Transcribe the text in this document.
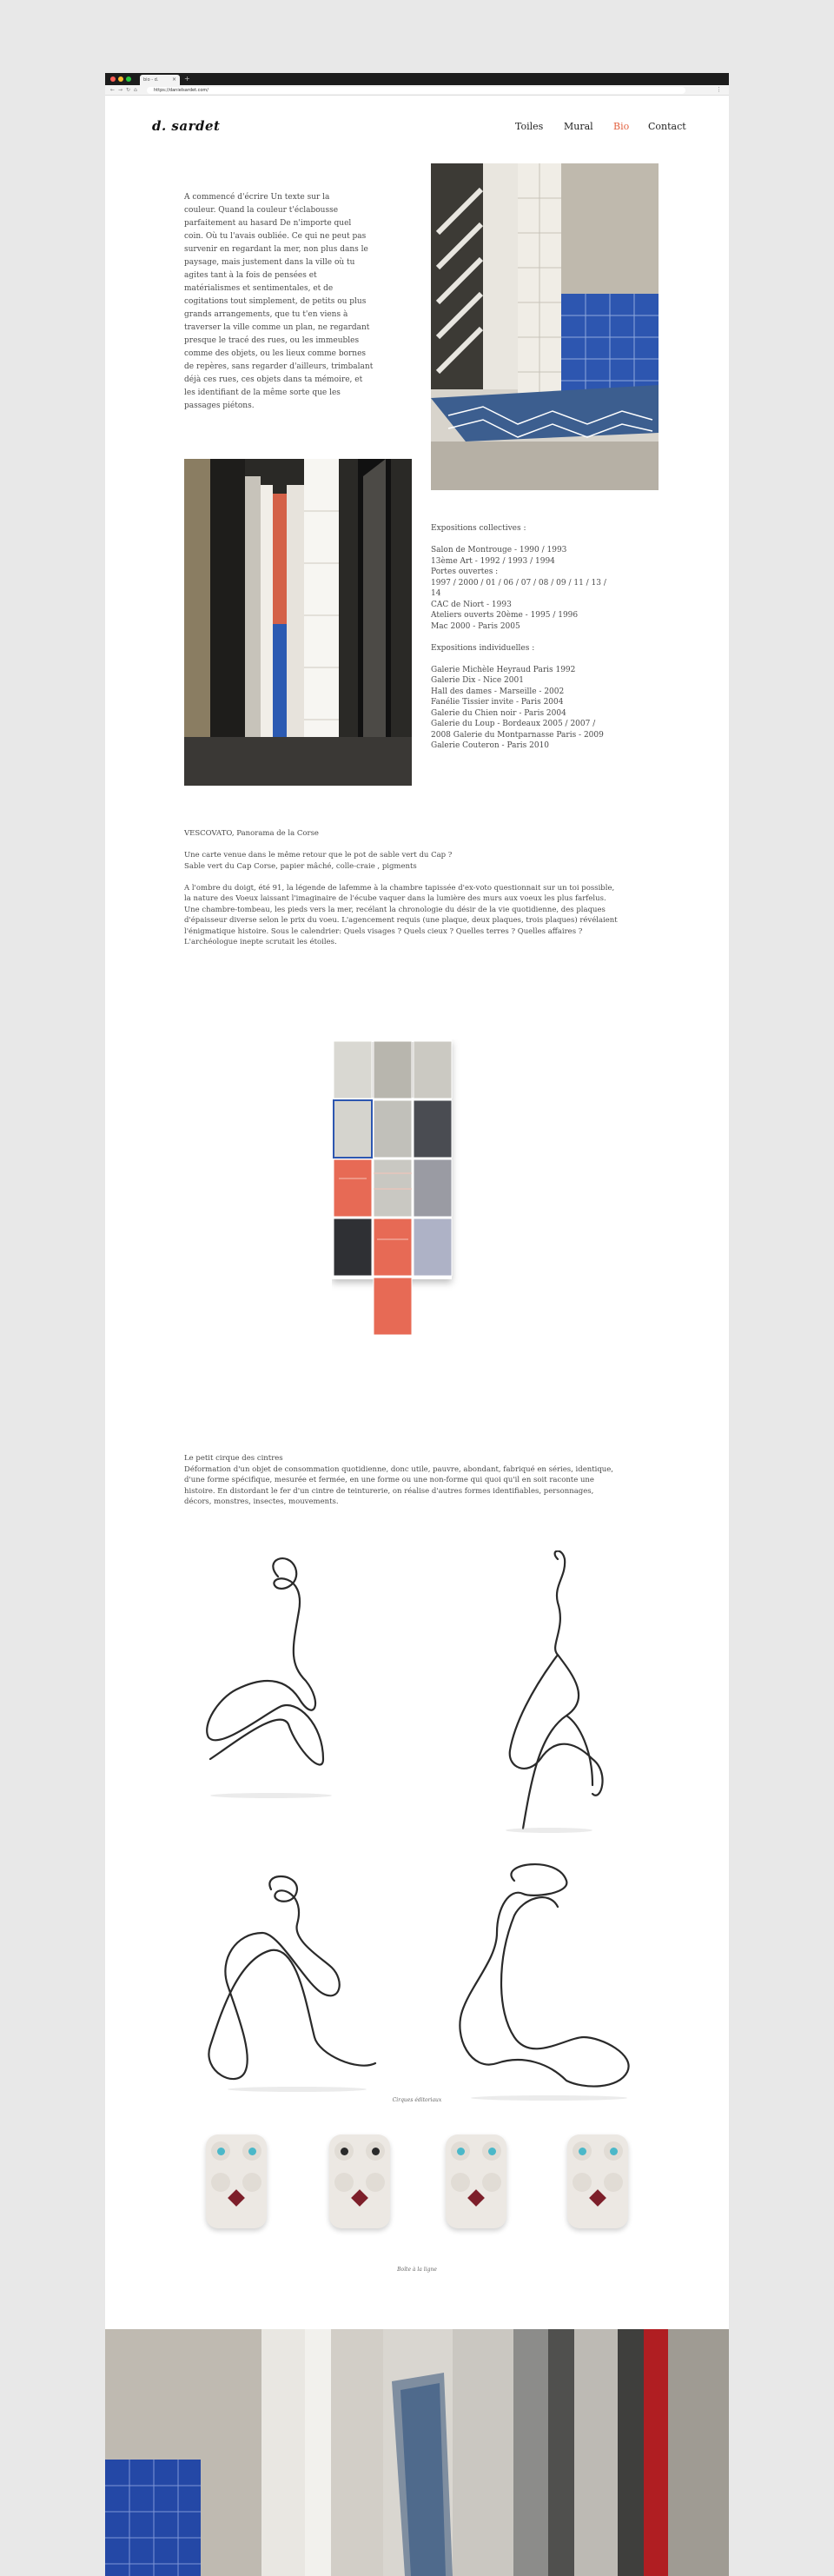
bio - d.	× +
← → ↻ ⌂	https://danielsardet.com/	⋮
d. sardet	Toiles Mural Bio Contact

A commencé d'écrire Un texte sur la

couleur. Quand la couleur t'éclabousse

parfaitement au hasard De n'importe quel

coin. Où tu l'avais oubliée. Ce qui ne peut pas

survenir en regardant la mer, non plus dans le

paysage, mais justement dans la ville où tu

agites tant à la fois de pensées et

matérialismes et sentimentales, et de

cogitations tout simplement, de petits ou plus

grands arrangements, que tu t'en viens à

traverser la ville comme un plan, ne regardant

presque le tracé des rues, ou les immeubles

comme des objets, ou les lieux comme bornes

de repères, sans regarder d'ailleurs, trimbalant

déjà ces rues, ces objets dans ta mémoire, et

les identifiant de la même sorte que les

passages piétons.

Expositions collectives :

Salon de Montrouge - 1990 / 1993

13ème Art - 1992 / 1993 / 1994

Portes ouvertes :

1997 / 2000 / 01 / 06 / 07 / 08 / 09 / 11 / 13 /

14

CAC de Niort - 1993

Ateliers ouverts 20ème - 1995 / 1996

Mac 2000 - Paris 2005

Expositions individuelles :

Galerie Michèle Heyraud Paris 1992

Galerie Dix - Nice 2001

Hall des dames - Marseille - 2002

Fanélie Tissier invite - Paris 2004

Galerie du Chien noir - Paris 2004

Galerie du Loup - Bordeaux 2005 / 2007 /

2008 Galerie du Montparnasse Paris - 2009

Galerie Couteron - Paris 2010

VESCOVATO, Panorama de la Corse

Une carte venue dans le même retour que le pot de sable vert du Cap ?

Sable vert du Cap Corse, papier mâché, colle-craie , pigments

A l'ombre du doigt, été 91, la légende de lafemme à la chambre tapissée d'ex-voto questionnait sur un toi possible,

la nature des Voeux laissant l'imaginaire de l'écube vaquer dans la lumière des murs aux voeux les plus farfelus.

Une chambre-tombeau, les pieds vers la mer, recélant la chronologie du désir de la vie quotidienne, des plaques

d'épaisseur diverse selon le prix du voeu. L'agencement requis (une plaque, deux plaques, trois plaques) révélaient

l'énigmatique histoire. Sous le calendrier: Quels visages ? Quels cieux ? Quelles terres ? Quelles affaires ?

L'archéologue inepte scrutait les étoiles.

Le petit cirque des cintres

Déformation d'un objet de consommation quotidienne, donc utile, pauvre, abondant, fabriqué en séries, identique,

d'une forme spécifique, mesurée et fermée, en une forme ou une non-forme qui quoi qu'il en soit raconte une

histoire. En distordant le fer d'un cintre de teinturerie, on réalise d'autres formes identifiables, personnages,

décors, monstres, insectes, mouvements.

Cirques éditoriaux
Boîte à la ligne
